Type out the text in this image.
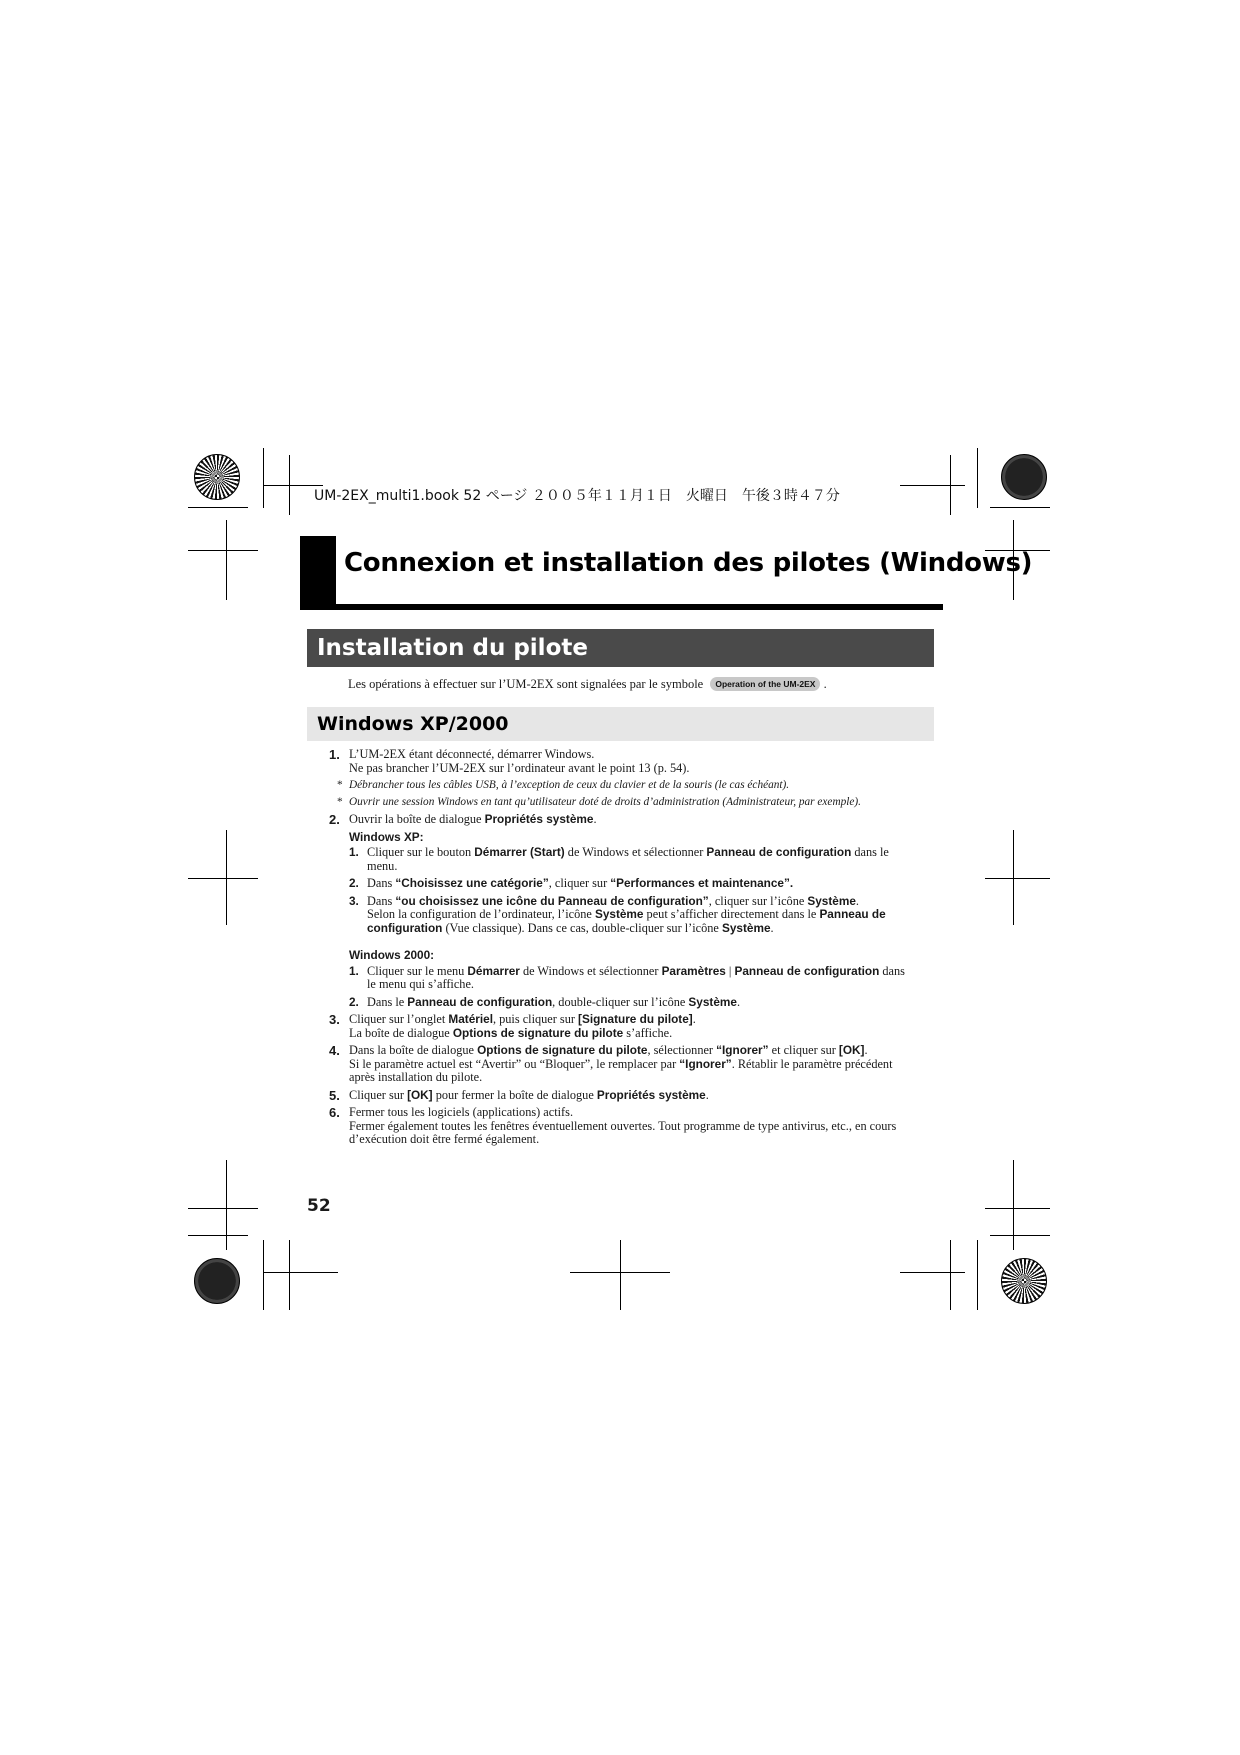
UM-2EX_multi1.book 52 ページ ２００５年１１月１日　火曜日　午後３時４７分
Connexion et installation des pilotes (Windows)
Installation du pilote
Les opérations à effectuer sur l’UM-2EX sont signalées par le symbole Operation of the UM-2EX .
Windows XP/2000
1. L’UM-2EX étant déconnecté, démarrer Windows.
Ne pas brancher l’UM-2EX sur l’ordinateur avant le point 13 (p. 54).
* Débrancher tous les câbles USB, à l’exception de ceux du clavier et de la souris (le cas échéant).
* Ouvrir une session Windows en tant qu’utilisateur doté de droits d’administration (Administrateur, par exemple).
2. Ouvrir la boîte de dialogue Propriétés système.
Windows XP:
1. Cliquer sur le bouton Démarrer (Start) de Windows et sélectionner Panneau de configuration dans le menu.
2. Dans “Choisissez une catégorie”, cliquer sur “Performances et maintenance”.
3. Dans “ou choisissez une icône du Panneau de configuration”, cliquer sur l’icône Système.
Selon la configuration de l’ordinateur, l’icône Système peut s’afficher directement dans le Panneau de configuration (Vue classique). Dans ce cas, double-cliquer sur l’icône Système.
Windows 2000:
1. Cliquer sur le menu Démarrer de Windows et sélectionner Paramètres | Panneau de configuration dans le menu qui s’affiche.
2. Dans le Panneau de configuration, double-cliquer sur l’icône Système.
3. Cliquer sur l’onglet Matériel, puis cliquer sur [Signature du pilote].
La boîte de dialogue Options de signature du pilote s’affiche.
4. Dans la boîte de dialogue Options de signature du pilote, sélectionner “Ignorer” et cliquer sur [OK].
Si le paramètre actuel est “Avertir” ou “Bloquer”, le remplacer par “Ignorer”. Rétablir le paramètre précédent après installation du pilote.
5. Cliquer sur [OK] pour fermer la boîte de dialogue Propriétés système.
6. Fermer tous les logiciels (applications) actifs.
Fermer également toutes les fenêtres éventuellement ouvertes. Tout programme de type antivirus, etc., en cours d’exécution doit être fermé également.
52
